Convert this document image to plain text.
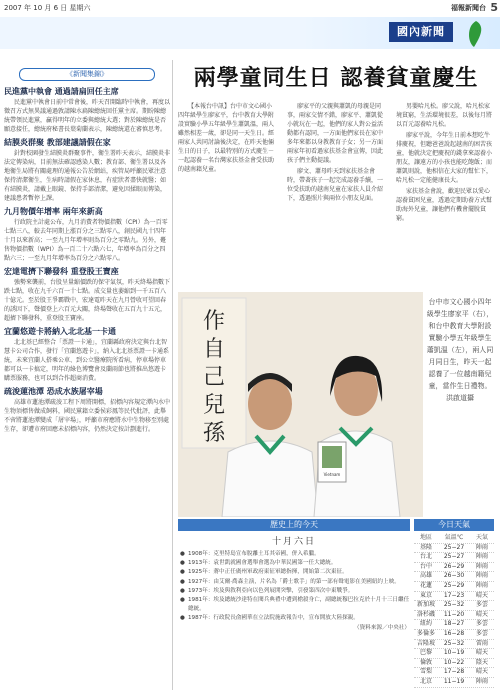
2007 年 10 月 6 日 星期六	福報新聞台 5
國內新聞
《新聞集錦》
民進黨中執會 通過請扁回任主席

民進黨中執會日前中常會後，昨天召開臨時中執會，再度以徵召方式無異議通過敦請陳水扁陳總統回任黨主席。期盼陳總統帶領民進黨，贏得明年的立委與總統大選；對於陳總統是否願意接任，總統府秘書長葉菊蘭表示，陳總統還在審慎思考。

結膜炎群聚 教部建議請假在家

針對校園發生結膜炎群聚事件，衛生署昨天表示，結膜炎非法定傳染病，目前無法確認感染人數；教育部、衛生署以及各地衛生局將有關處理的通報公告於網站，疾管局呼籲民眾注意保持清潔衛生，生病時請假在家休息，有症狀者盡快就醫；如有結膜炎，請戴上眼鏡、保持手部清潔，避免因揉眼而傳染，建議患者暫停上課。

九月物價年增率 兩年來新高

行政院主計處公布，九月消費者物價指數（CPI）為一百零七點三八，較去年同期上漲百分之三點零八，創民國九十四年十月以來新高；一至九月年增率則為百分之零點九。另外，躉售物價指數（WPI）為一百二十六點六七，年增率為百分之四點六三；一至九月年增率為百分之六點零八。

宏達電擠下聯發科 重登股王寶座

強勢來襲前，台股呈量縮價跌的保守氣氛，昨天終場指數下跌七點，收在九千六百一十七點。成交量也萎縮到一千五百八十億元。至於股王爭霸戰中，宏達電昨天在九月營收可望回春的誘因下，聲價登上六百元大關，終場聲收在五百九十五元，超擠下聯發科，重登股王寶座。

宜蘭悠遊卡將納入北北基一卡通

北北基已經整合「票證一卡通」，宜蘭縣政府決定與台北智慧卡公司合作，發行「宜蘭悠遊卡」，納入北北基票證一卡通系統，未來宜蘭人搭乘公車、到公立醫療院所看病，停車場停車都可以一卡搞定，明年的綠色博覽會及蘭雨節也將推出悠遊卡購票服務，也可以到合作超商消費。

疏浚蓮池潭 恐成水族屠宰場

高雄市蓮池潭疏浚工程下周將開標，招標內容規定潭內水中生物須標售做成飼料，國民黨籍立委侯彩鳳等民代批評，此舉不啻將蓮池潭變成「屠宰場」，呼籲市府應將水中生物移至別處生存，卻遭市府回應未招標內容，仍然決定按計劃進行。

兩學童同生日 認養貧童慶生

【本報台中訊】台中市文心國小四年級學生廖家平，台中教育大學附設實驗小學五年級學生蕭凱溫，兩人雖然相差一歲，卻是同一天生日。經兩家人共同討論後決定，在昨天他倆生日的日子，以最特別的方式慶生－一起認養一名台灣家扶基金會受扶助的越南籍兒童。

廖家平的父親與蕭凱的母親是同事，兩家交情不錯，廖家平、蕭凱從小就玩在一起，他們的家人對公益活動都有認同，一方面他們家長在家中多年來都以身教教育子女；另一方面兩家年初看過家扶基金會宣傳，因此孩子們主動提議。

廖文、蕭母昨天到家扶基金會時，帶著孩子一起完成認養手續，一位受扶助的越南兒童在家扶人員介紹下，透過照片與兩位小朋友見面。

男嬰哈凡松。廖父說，哈凡松家境貧窮，生活環境很差，以後每月將以百元認養哈凡松。

廖家平說，今年生日前本想吃牛排慶祝，但聽爸爸說起越南的困苦孩童，他就決定把慶祝的錢拿來認養小朋友，讓遠方的小孩也能吃飽飯；而蕭凱則說，他相信在大家的幫忙下，哈凡松一定能健康長大。

家扶基金會說，歡迎民眾以愛心認養貧困兒童，透過定期助養方式幫助海外兒童，讓他們有機會擺脫貧窮。

作
自
己
兒
孫
Vietnam
台中市文心國小四年級學生廖家平（右），和台中教育大學附設實驗小學五年級學生蕭凱溫（左），兩人同月同日生，昨天一起認養了一位越南籍兒童，當作生日禮物。洪啟道攝
歷史上的今天
十月六日
● 1908年：克里特島宣布脫離土耳其帝國，併入希臘。
● 1913年：袁世凱就國會選舉會選為中華民國第一任大總統。
● 1925年：蔣中正任廣州軍政府東征軍總指揮，開始第二次東征。
● 1927年：由艾爾‧喬森主演，片名為「爵士歌手」的第一部有聲電影在美國紐約上映。
● 1973年：埃及與敘利亞向以色列展開突擊，引發第四次中東戰爭。
● 1981年：埃及總統沙達特在閱兵典禮中遭到槍殺身亡，副總統穆巴拉克於十月十三日繼任總統。
● 1987年：行政院長俞國華在立法院施政報告中，宣布開放大陸探親。
（資料來源／中央社）
今日天氣
地區	氣溫℃	天氣
基隆	25−27	陣雨
台北	25−27	陣雨
台中	26−29	陣雨
高雄	26−30	陣雨
花蓮	25−29	陣雨
東京	17−23	晴天
新加坡	25−32	多雲
洛杉磯	11−20	晴天
紐約	18−27	多雲
多倫多	16−28	多雲
吉隆坡	25−32	雷雨
巴黎	10−19	晴天
倫敦	10−22	陰天
雪梨	17−28	晴天
北京	11−19	陣雨
